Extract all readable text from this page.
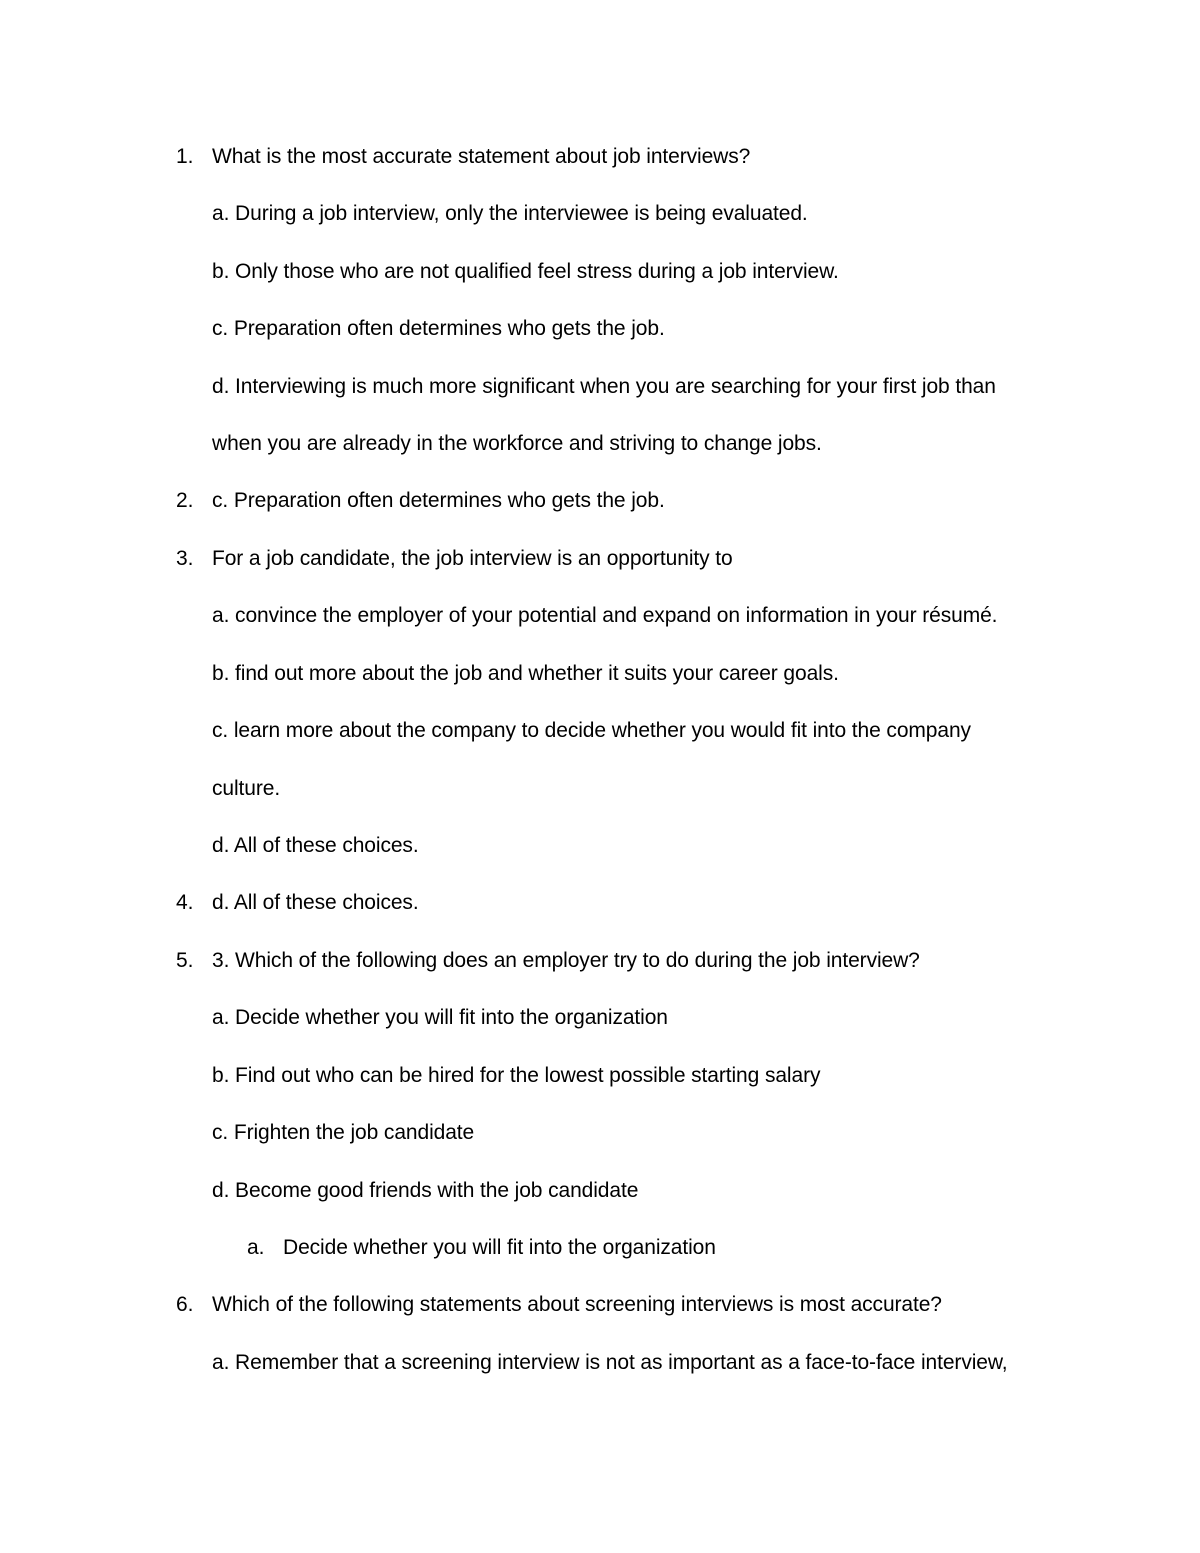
1. What is the most accurate statement about job interviews?
a. During a job interview, only the interviewee is being evaluated.
b. Only those who are not qualified feel stress during a job interview.
c. Preparation often determines who gets the job.
d. Interviewing is much more significant when you are searching for your first job than
when you are already in the workforce and striving to change jobs.
2. c. Preparation often determines who gets the job.
3. For a job candidate, the job interview is an opportunity to
a. convince the employer of your potential and expand on information in your résumé.
b. find out more about the job and whether it suits your career goals.
c. learn more about the company to decide whether you would fit into the company
culture.
d. All of these choices.
4. d. All of these choices.
5. 3. Which of the following does an employer try to do during the job interview?
a. Decide whether you will fit into the organization
b. Find out who can be hired for the lowest possible starting salary
c. Frighten the job candidate
d. Become good friends with the job candidate
a. Decide whether you will fit into the organization
6. Which of the following statements about screening interviews is most accurate?
a. Remember that a screening interview is not as important as a face-to-face interview,
